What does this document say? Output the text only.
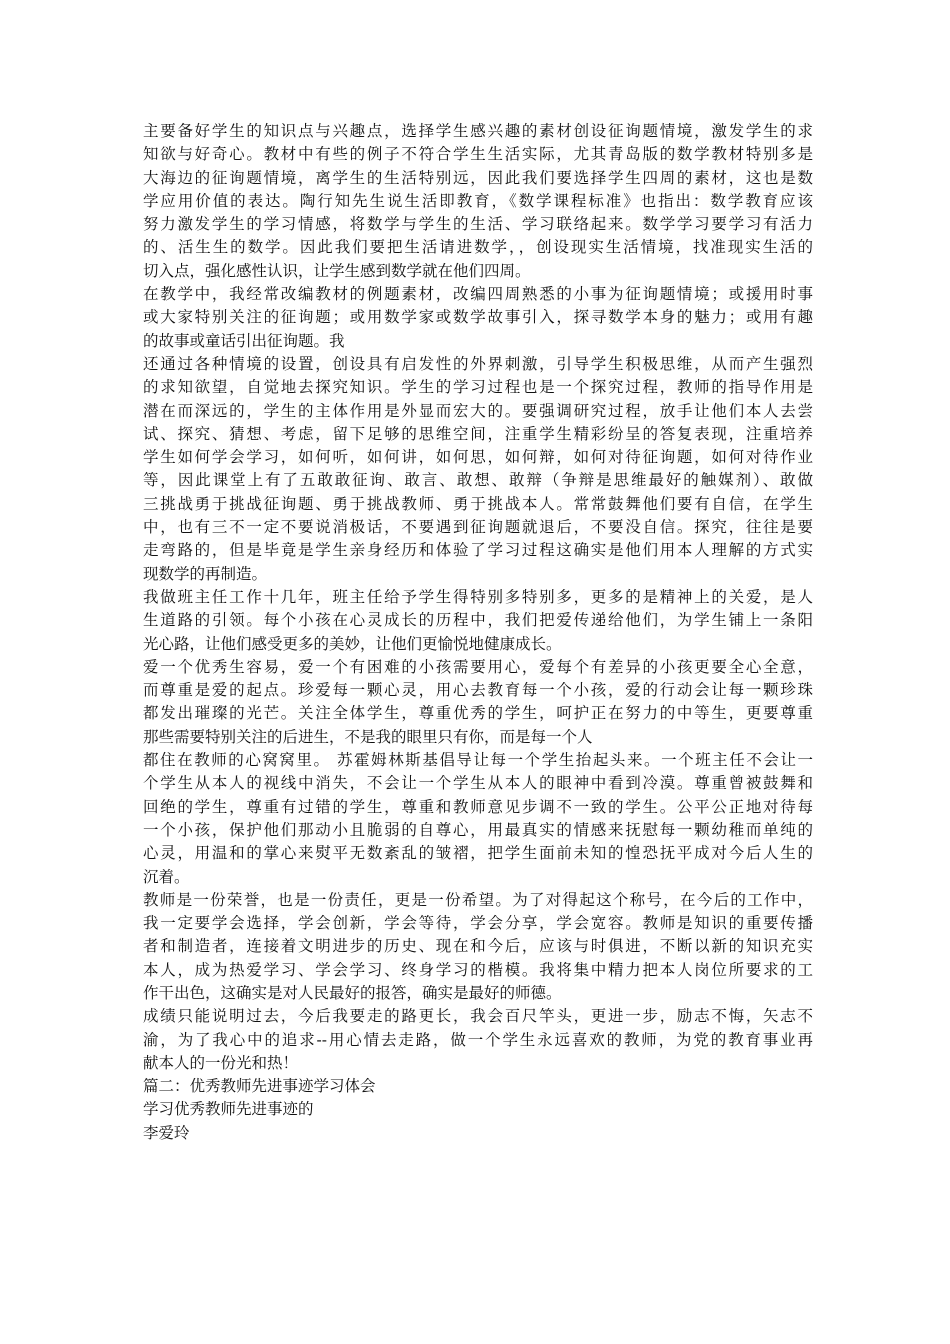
主要备好学生的知识点与兴趣点，选择学生感兴趣的素材创设征询题情境，激发学生的求
知欲与好奇心。教材中有些的例子不符合学生生活实际，尤其青岛版的数学教材特别多是
大海边的征询题情境，离学生的生活特别远，因此我们要选择学生四周的素材，这也是数
学应用价值的表达。陶行知先生说生活即教育，《数学课程标准》也指出：数学教育应该
努力激发学生的学习情感，将数学与学生的生活、学习联络起来。数学学习要学习有活力
的、活生生的数学。因此我们要把生活请进数学，，创设现实生活情境，找准现实生活的
切入点，强化感性认识，让学生感到数学就在他们四周。
在教学中，我经常改编教材的例题素材，改编四周熟悉的小事为征询题情境；或援用时事
或大家特别关注的征询题；或用数学家或数学故事引入，探寻数学本身的魅力；或用有趣
的故事或童话引出征询题。我
还通过各种情境的设置，创设具有启发性的外界刺激，引导学生积极思维，从而产生强烈
的求知欲望，自觉地去探究知识。学生的学习过程也是一个探究过程，教师的指导作用是
潜在而深远的，学生的主体作用是外显而宏大的。要强调研究过程，放手让他们本人去尝
试、探究、猜想、考虑，留下足够的思维空间，注重学生精彩纷呈的答复表现，注重培养
学生如何学会学习，如何听，如何讲，如何思，如何辩，如何对待征询题，如何对待作业
等，因此课堂上有了五敢敢征询、敢言、敢想、敢辩（争辩是思维最好的触媒剂）、敢做
三挑战勇于挑战征询题、勇于挑战教师、勇于挑战本人。常常鼓舞他们要有自信，在学生
中，也有三不一定不要说消极话，不要遇到征询题就退后，不要没自信。探究，往往是要
走弯路的，但是毕竟是学生亲身经历和体验了学习过程这确实是他们用本人理解的方式实
现数学的再制造。
我做班主任工作十几年，班主任给予学生得特别多特别多，更多的是精神上的关爱，是人
生道路的引领。每个小孩在心灵成长的历程中，我们把爱传递给他们，为学生铺上一条阳
光心路，让他们感受更多的美妙，让他们更愉悦地健康成长。
爱一个优秀生容易，爱一个有困难的小孩需要用心，爱每个有差异的小孩更要全心全意，
而尊重是爱的起点。珍爱每一颗心灵，用心去教育每一个小孩，爱的行动会让每一颗珍珠
都发出璀璨的光芒。关注全体学生，尊重优秀的学生，呵护正在努力的中等生，更要尊重
那些需要特别关注的后进生，不是我的眼里只有你，而是每一个人
都住在教师的心窝窝里。 苏霍姆林斯基倡导让每一个学生抬起头来。一个班主任不会让一
个学生从本人的视线中消失，不会让一个学生从本人的眼神中看到冷漠。尊重曾被鼓舞和
回绝的学生，尊重有过错的学生，尊重和教师意见步调不一致的学生。公平公正地对待每
一个小孩，保护他们那动小且脆弱的自尊心，用最真实的情感来抚慰每一颗幼稚而单纯的
心灵，用温和的掌心来熨平无数紊乱的皱褶，把学生面前未知的惶恐抚平成对今后人生的
沉着。
教师是一份荣誉，也是一份责任，更是一份希望。为了对得起这个称号，在今后的工作中，
我一定要学会选择，学会创新，学会等待，学会分享，学会宽容。教师是知识的重要传播
者和制造者，连接着文明进步的历史、现在和今后，应该与时俱进，不断以新的知识充实
本人，成为热爱学习、学会学习、终身学习的楷模。我将集中精力把本人岗位所要求的工
作干出色，这确实是对人民最好的报答，确实是最好的师德。
成绩只能说明过去，今后我要走的路更长，我会百尺竿头，更进一步，励志不悔，矢志不
渝，为了我心中的追求--用心情去走路，做一个学生永远喜欢的教师，为党的教育事业再
献本人的一份光和热！
篇二：优秀教师先进事迹学习体会
学习优秀教师先进事迹的
李爱玲
